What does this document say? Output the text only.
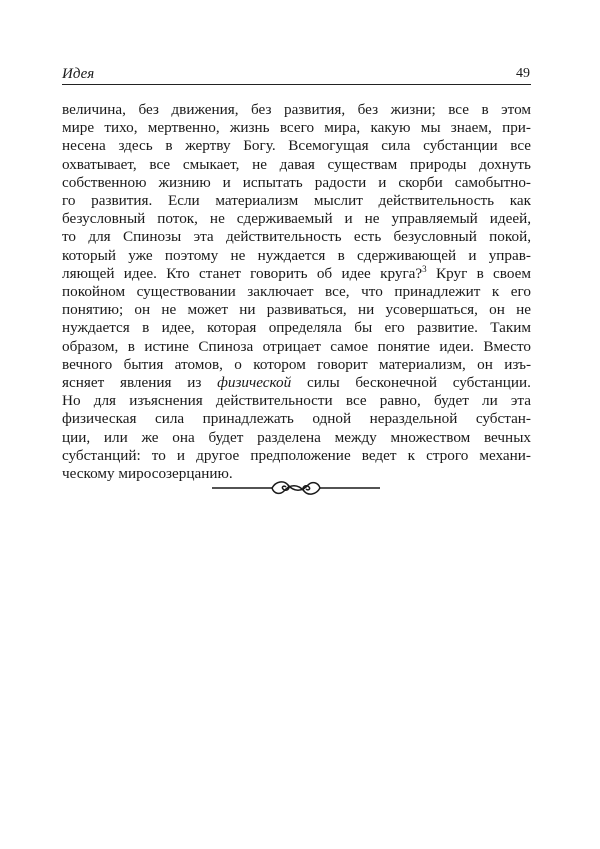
Идея	49
величина, без движения, без развития, без жизни; все в этом
мире тихо, мертвенно, жизнь всего мира, какую мы знаем, при-
несена здесь в жертву Богу. Всемогущая сила субстанции все
охватывает, все смыкает, не давая существам природы дохнуть
собственною жизнию и испытать радости и скорби самобытно-
го развития. Если материализм мыслит действительность как
безусловный поток, не сдерживаемый и не управляемый идеей,
то для Спинозы эта действительность есть безусловный покой,
который уже поэтому не нуждается в сдерживающей и управ-
ляющей идее. Кто станет говорить об идее круга?$^3$ Круг в своем
покойном существовании заключает все, что принадлежит к его
понятию; он не может ни развиваться, ни усовершаться, он не
нуждается в идее, которая определяла бы его развитие. Таким
образом, в истине Спиноза отрицает самое понятие идеи. Вместо
вечного бытия атомов, о котором говорит материализм, он изъ-
ясняет явления из физической силы бесконечной субстанции.
Но для изъяснения действительности все равно, будет ли эта
физическая сила принадлежать одной нераздельной субстан-
ции, или же она будет разделена между множеством вечных
субстанций: то и другое предположение ведет к строго механи-
ческому миросозерцанию.
